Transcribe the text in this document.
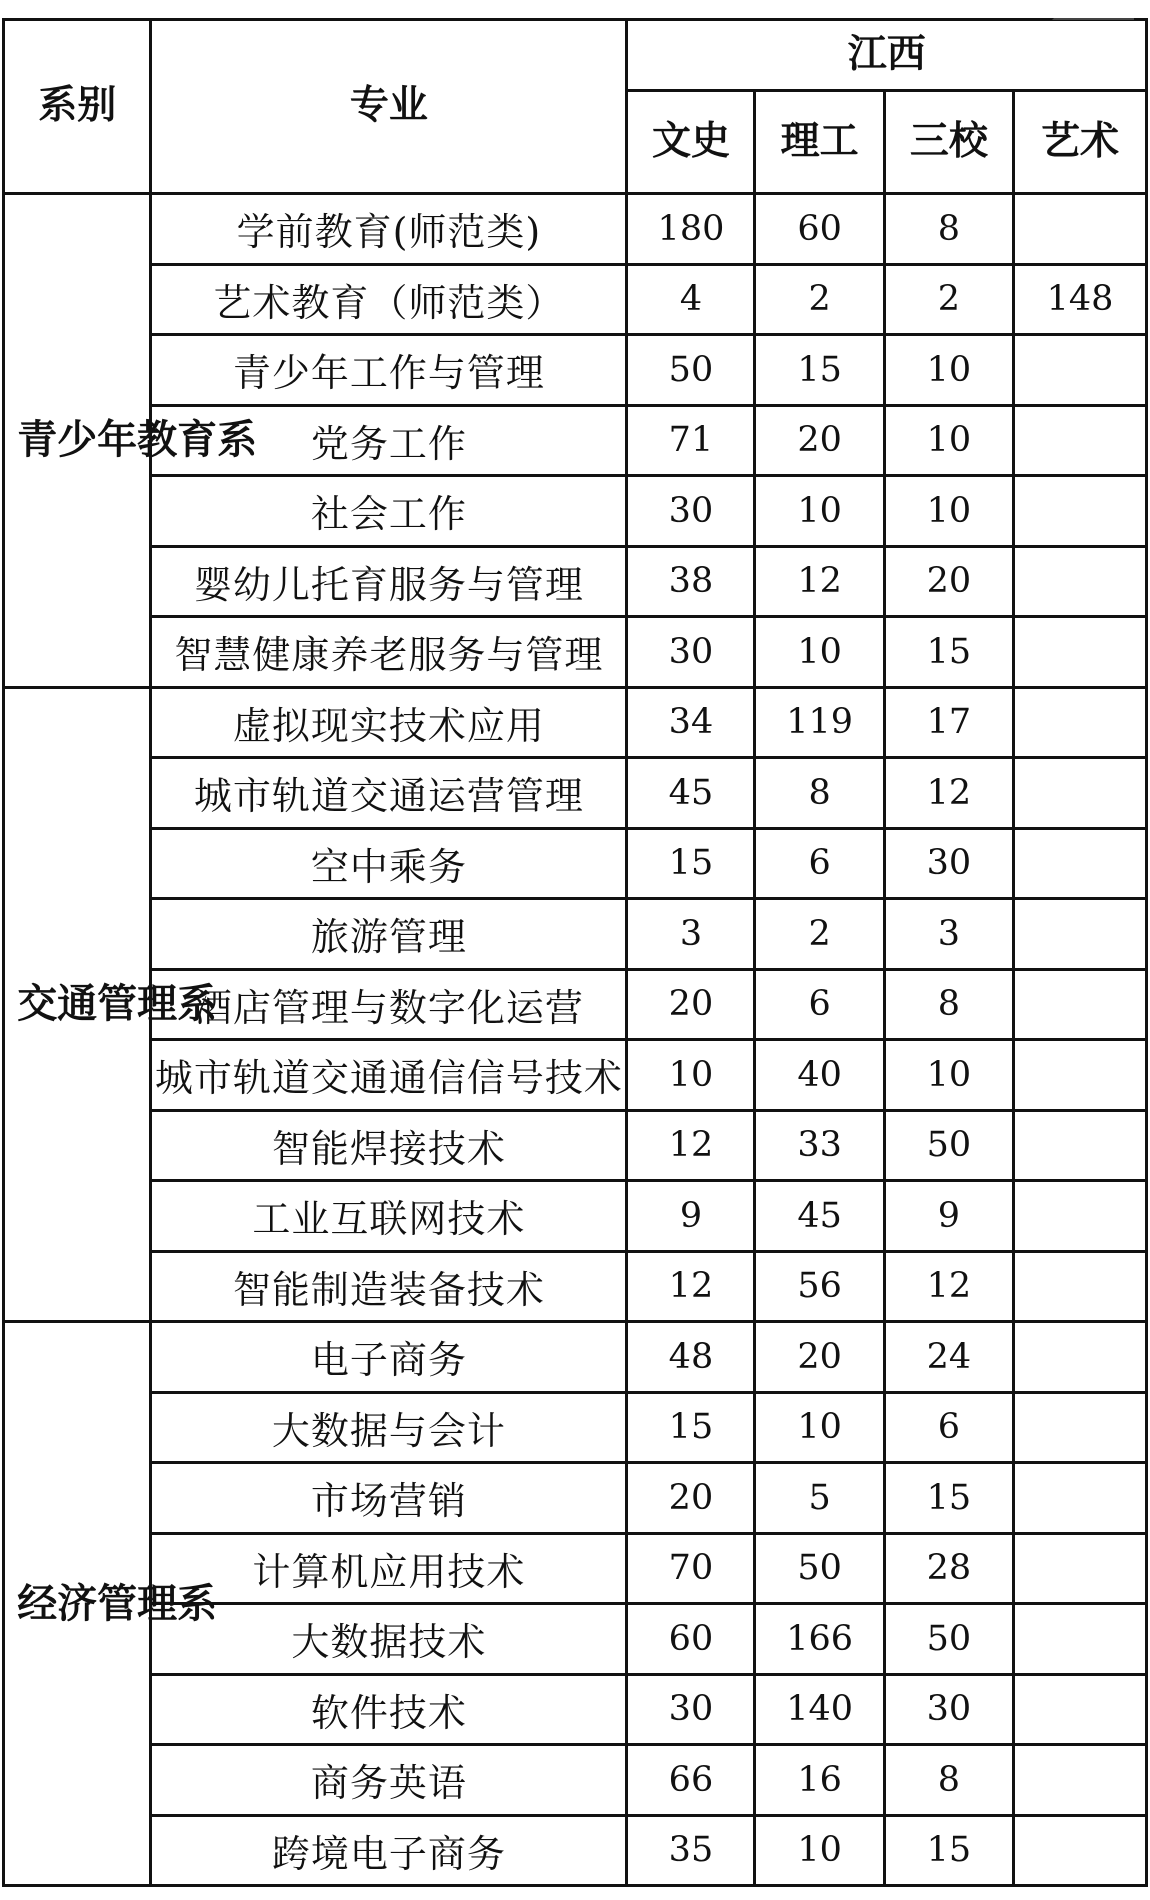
系别	专业	江西			
		文史	理工	三校	艺术
青少年教育系	学前教育(师范类)	180	60	8	
	艺术教育（师范类）	4	2	2	148
	青少年工作与管理	50	15	10	
	党务工作	71	20	10	
	社会工作	30	10	10	
	婴幼儿托育服务与管理	38	12	20	
	智慧健康养老服务与管理	30	10	15	
交通管理系	虚拟现实技术应用	34	119	17	
	城市轨道交通运营管理	45	8	12	
	空中乘务	15	6	30	
	旅游管理	3	2	3	
	酒店管理与数字化运营	20	6	8	
	城市轨道交通通信信号技术	10	40	10	
	智能焊接技术	12	33	50	
	工业互联网技术	9	45	9	
	智能制造装备技术	12	56	12	
经济管理系	电子商务	48	20	24	
	大数据与会计	15	10	6	
	市场营销	20	5	15	
	计算机应用技术	70	50	28	
	大数据技术	60	166	50	
	软件技术	30	140	30	
	商务英语	66	16	8	
	跨境电子商务	35	10	15	
